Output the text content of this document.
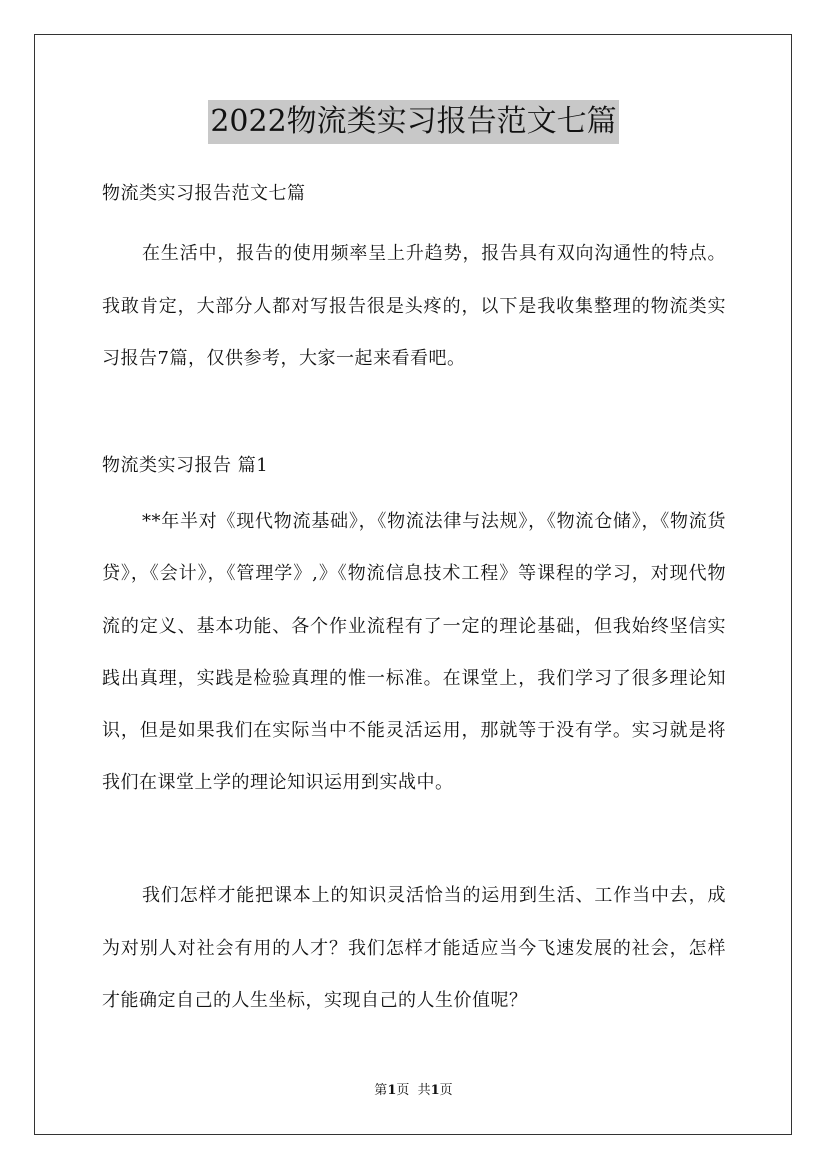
2022物流类实习报告范文七篇
物流类实习报告范文七篇
在生活中，报告的使用频率呈上升趋势，报告具有双向沟通性的特点。我敢肯定，大部分人都对写报告很是头疼的，以下是我收集整理的物流类实习报告7篇，仅供参考，大家一起来看看吧。
物流类实习报告 篇1
**年半对《现代物流基础》，《物流法律与法规》，《物流仓储》，《物流货贷》，《会计》，《管理学》,》《物流信息技术工程》等课程的学习，对现代物流的定义、基本功能、各个作业流程有了一定的理论基础，但我始终坚信实践出真理，实践是检验真理的惟一标准。在课堂上，我们学习了很多理论知识，但是如果我们在实际当中不能灵活运用，那就等于没有学。实习就是将我们在课堂上学的理论知识运用到实战中。
我们怎样才能把课本上的知识灵活恰当的运用到生活、工作当中去，成为对别人对社会有用的人才？我们怎样才能适应当今飞速发展的社会，怎样才能确定自己的人生坐标，实现自己的人生价值呢？
第1页  共1页
